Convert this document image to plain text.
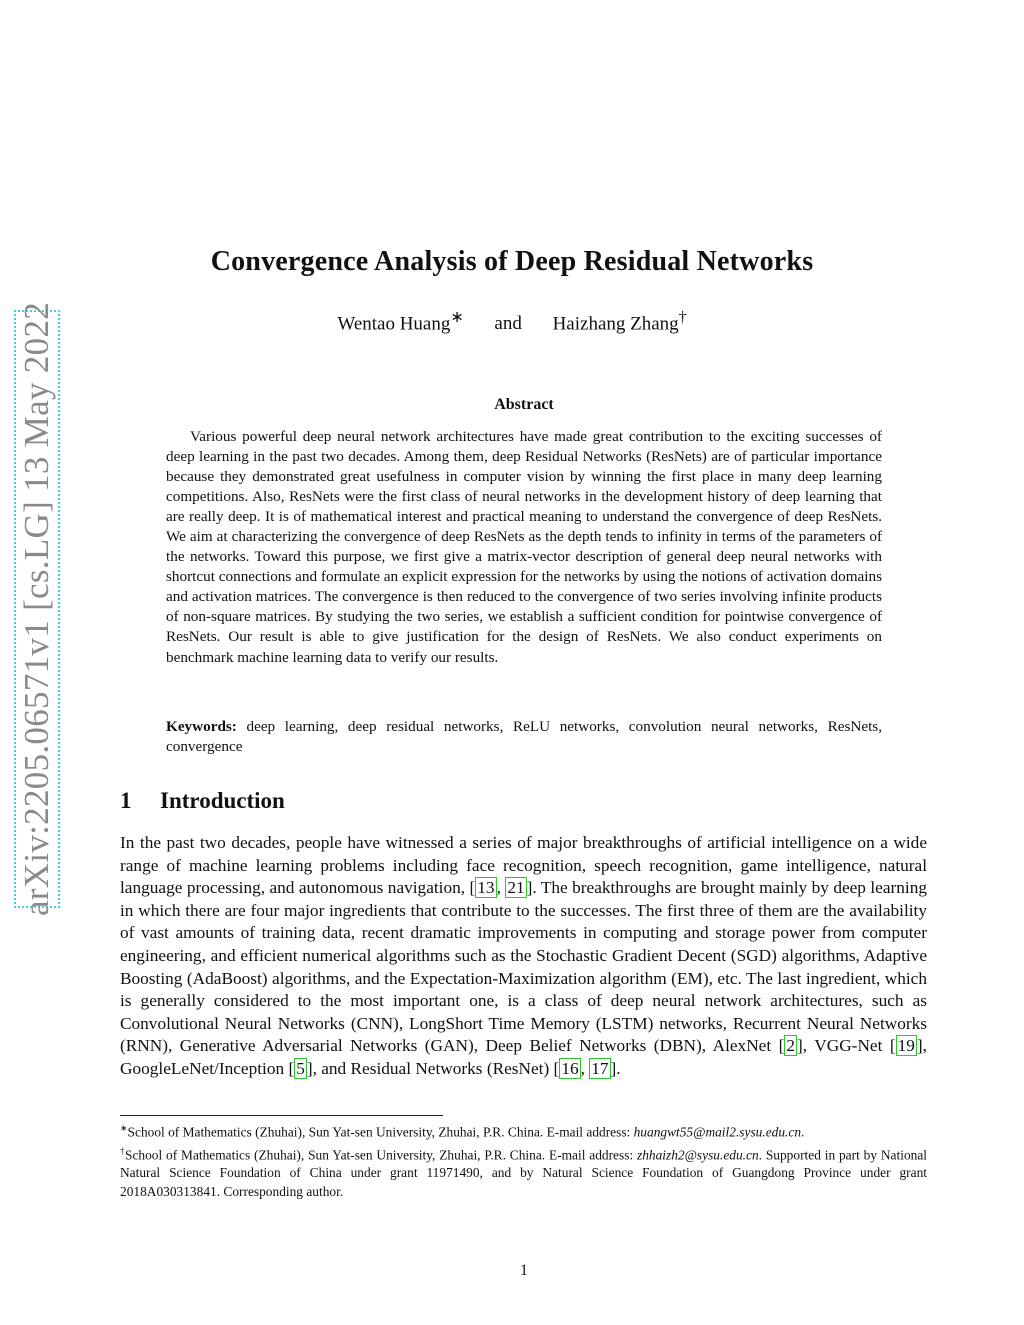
arXiv:2205.06571v1 [cs.LG] 13 May 2022
Convergence Analysis of Deep Residual Networks
Wentao Huang∗ and Haizhang Zhang†
Abstract

Various powerful deep neural network architectures have made great contribution to the exciting successes of deep learning in the past two decades. Among them, deep Residual Networks (ResNets) are of particular importance because they demonstrated great usefulness in computer vision by winning the first place in many deep learning competitions. Also, ResNets were the first class of neural networks in the development history of deep learning that are really deep. It is of mathematical interest and practical meaning to understand the convergence of deep ResNets. We aim at characterizing the convergence of deep ResNets as the depth tends to infinity in terms of the parameters of the networks. Toward this purpose, we first give a matrix-vector description of general deep neural networks with shortcut connections and formulate an explicit expression for the networks by using the notions of activation domains and activation matrices. The convergence is then reduced to the convergence of two series involving infinite products of non-square matrices. By studying the two series, we establish a sufficient condition for pointwise convergence of ResNets. Our result is able to give justification for the design of ResNets. We also conduct experiments on benchmark machine learning data to verify our results.

Keywords: deep learning, deep residual networks, ReLU networks, convolution neural networks, ResNets, convergence

1 Introduction

In the past two decades, people have witnessed a series of major breakthroughs of artificial intelligence on a wide range of machine learning problems including face recognition, speech recognition, game intelligence, natural language processing, and autonomous navigation, [ 13 , 21 ]. The breakthroughs are brought mainly by deep learning in which there are four major ingredients that contribute to the successes. The first three of them are the availability of vast amounts of training data, recent dramatic improvements in computing and storage power from computer engineering, and efficient numerical algorithms such as the Stochastic Gradient Decent (SGD) algorithms, Adaptive Boosting (AdaBoost) algorithms, and the Expectation-Maximization algorithm (EM), etc. The last ingredient, which is generally considered to the most important one, is a class of deep neural network architectures, such as Convolutional Neural Networks (CNN), LongShort Time Memory (LSTM) networks, Recurrent Neural Networks (RNN), Generative Adversarial Networks (GAN), Deep Belief Networks (DBN), AlexNet [ 2 ], VGG-Net [ 19 ], GoogleLeNet/Inception [ 5 ], and Residual Networks (ResNet) [ 16 , 17 ].

∗School of Mathematics (Zhuhai), Sun Yat-sen University, Zhuhai, P.R. China. E-mail address: huangwt55@mail2.sysu.edu.cn.

†School of Mathematics (Zhuhai), Sun Yat-sen University, Zhuhai, P.R. China. E-mail address: zhhaizh2@sysu.edu.cn. Supported in part by National Natural Science Foundation of China under grant 11971490, and by Natural Science Foundation of Guangdong Province under grant 2018A030313841. Corresponding author.

1
